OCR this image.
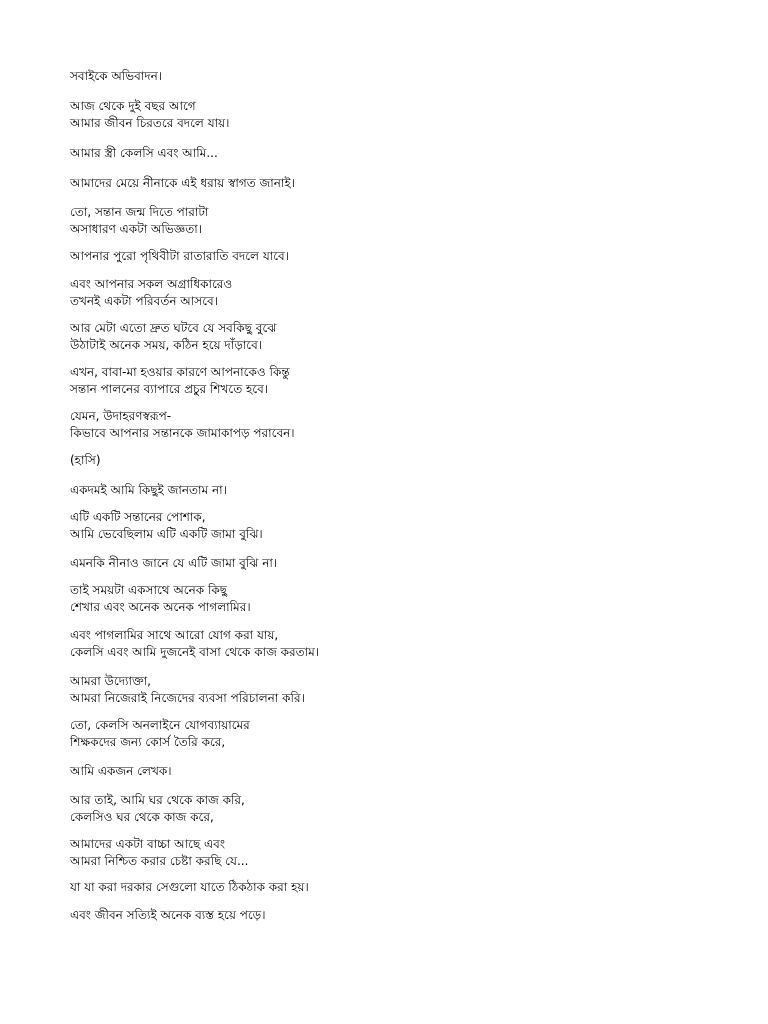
সবাইকে অভিবাদন।

আজ থেকে দুই বছর আগে
আমার জীবন চিরতরে বদলে যায়।

আমার স্ত্রী কেলসি এবং আমি...

আমাদের মেয়ে নীনাকে এই ধরায় স্বাগত জানাই।

তো, সন্তান জন্ম দিতে পারাটা
অসাধারণ একটা অভিজ্ঞতা।

আপনার পুরো পৃথিবীটা রাতারাতি বদলে যাবে।

এবং আপনার সকল অগ্রাধিকারেও
তখনই একটা পরিবর্তন আসবে।

আর মেটা এতো দ্রুত ঘটবে যে সবকিছু বুঝে
উঠাটাই অনেক সময়, কঠিন হয়ে দাঁড়াবে।

এখন, বাবা-মা হওয়ার কারণে আপনাকেও কিন্তু
সন্তান পালনের ব্যাপারে প্রচুর শিখতে হবে।

যেমন, উদাহরণস্বরূপ-
কিভাবে আপনার সন্তানকে জামাকাপড় পরাবেন।

(হাসি)

একদমই আমি কিছুই জানতাম না।

এটি একটি সন্তানের পোশাক,
আমি ভেবেছিলাম এটি একটি জামা বুঝি।

এমনকি নীনাও জানে যে এটি জামা বুঝি না।

তাই সময়টা একসাথে অনেক কিছু
শেখার এবং অনেক অনেক পাগলামির।

এবং পাগলামির সাথে আরো যোগ করা যায়,
কেলসি এবং আমি দুজনেই বাসা থেকে কাজ করতাম।

আমরা উদ্যোক্তা,
আমরা নিজেরাই নিজেদের ব্যবসা পরিচালনা করি।

তো, কেলসি অনলাইনে যোগব্যায়ামের
শিক্ষকদের জন্য কোর্স তৈরি করে,

আমি একজন লেখক।

আর তাই, আমি ঘর থেকে কাজ করি,
কেলসিও ঘর থেকে কাজ করে,

আমাদের একটা বাচ্চা আছে এবং
আমরা নিশ্চিত করার চেষ্টা করছি যে...

যা যা করা দরকার সেগুলো যাতে ঠিকঠাক করা হয়।

এবং জীবন সত্যিই অনেক ব্যস্ত হয়ে পড়ে।
